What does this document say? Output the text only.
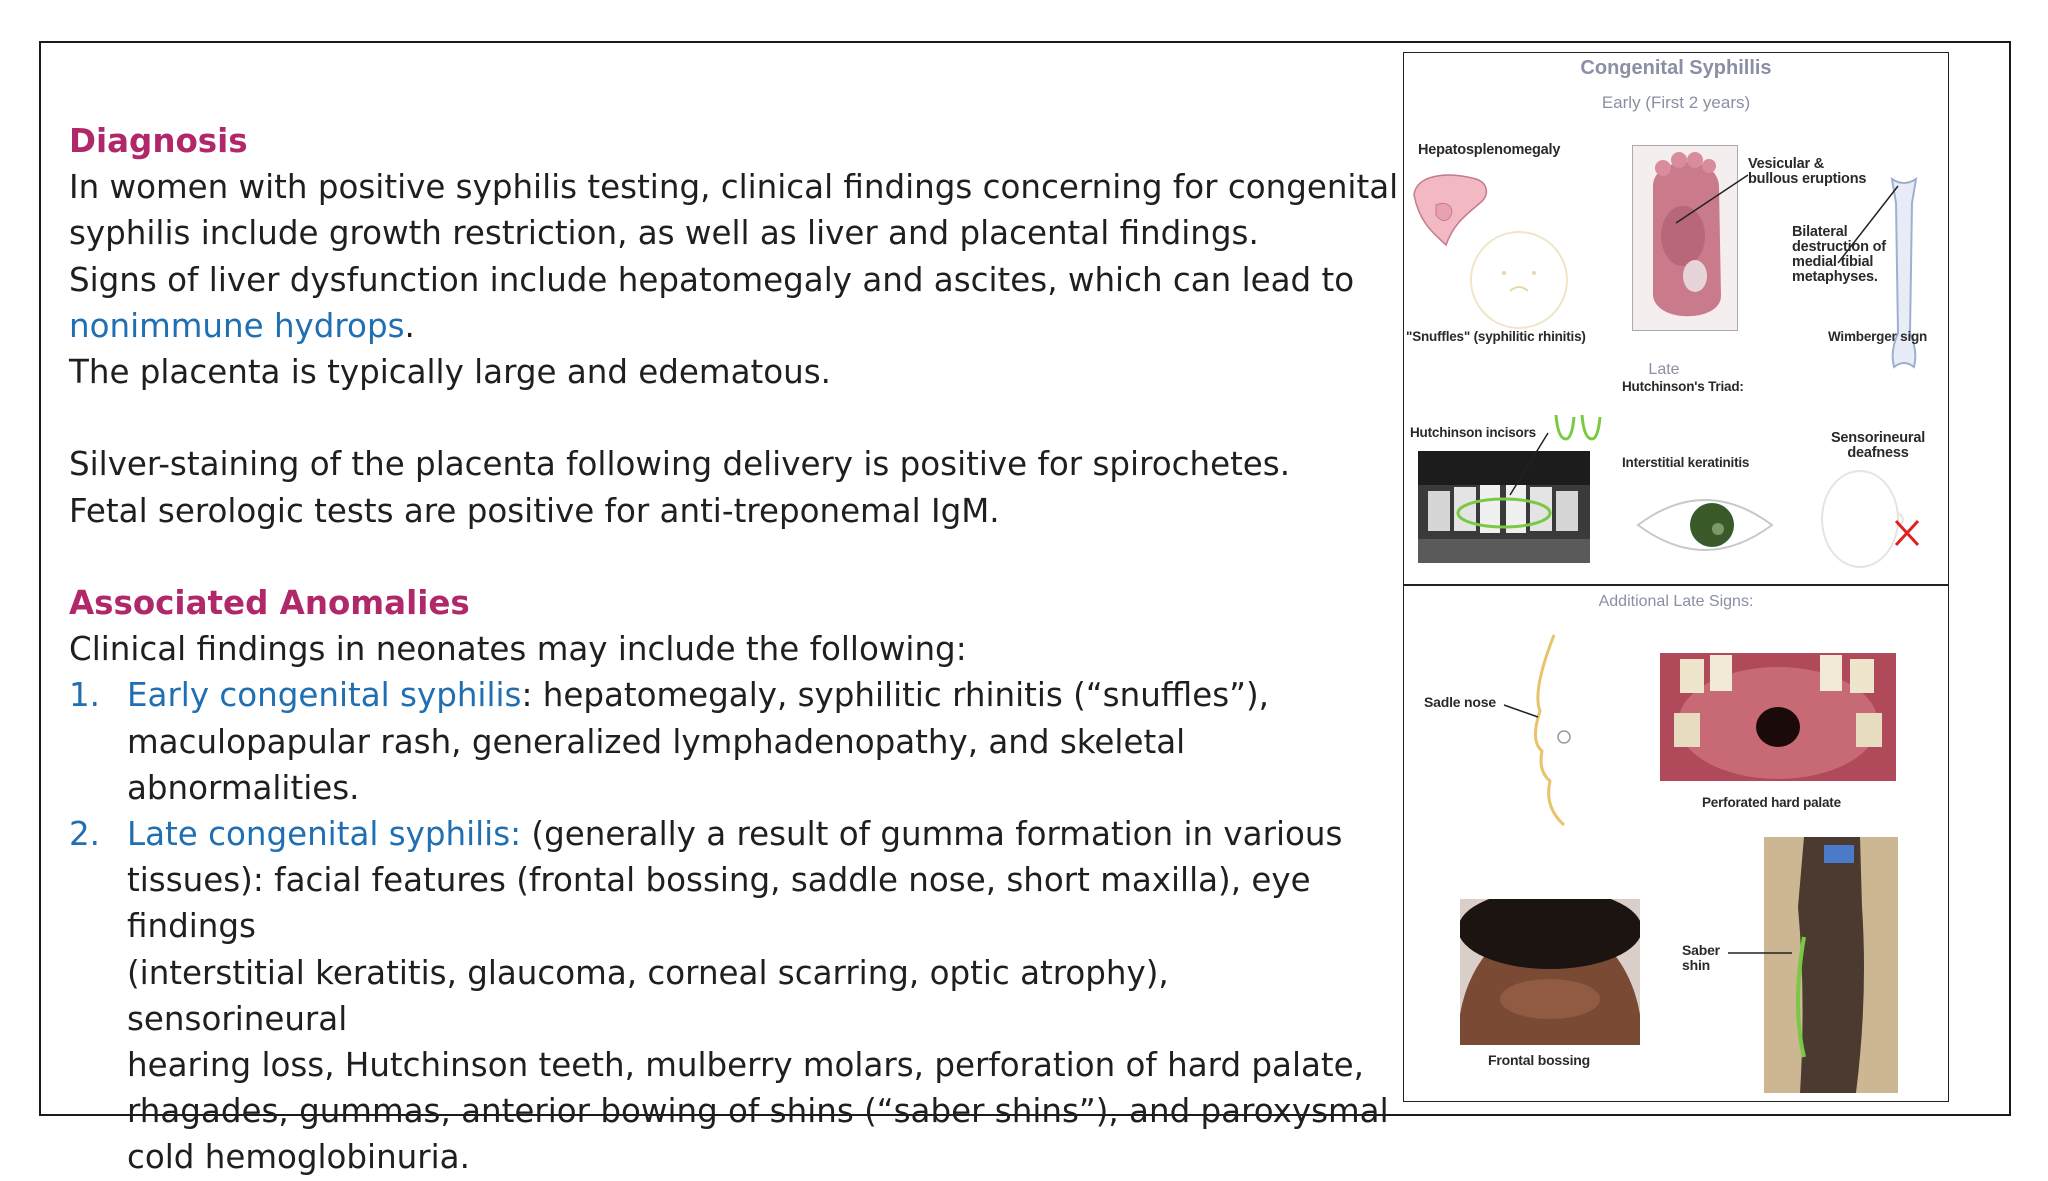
Diagnosis
In women with positive syphilis testing, clinical findings concerning for congenital
syphilis include growth restriction, as well as liver and placental findings.
Signs of liver dysfunction include hepatomegaly and ascites, which can lead to
nonimmune hydrops.
The placenta is typically large and edematous.
Silver-staining of the placenta following delivery is positive for spirochetes.
Fetal serologic tests are positive for anti-treponemal IgM.
Associated Anomalies
Clinical findings in neonates may include the following:
1. Early congenital syphilis: hepatomegaly, syphilitic rhinitis (“snuffles”),
maculopapular rash, generalized lymphadenopathy, and skeletal abnormalities.
2. Late congenital syphilis: (generally a result of gumma formation in various
tissues): facial features (frontal bossing, saddle nose, short maxilla), eye findings
(interstitial keratitis, glaucoma, corneal scarring, optic atrophy), sensorineural
hearing loss, Hutchinson teeth, mulberry molars, perforation of hard palate,
rhagades, gummas, anterior bowing of shins (“saber shins”), and paroxysmal
cold hemoglobinuria.
Congenital Syphillis
Early (First 2 years)
Hepatosplenomegaly
"Snuffles" (syphilitic rhinitis)
Vesicular &
bullous eruptions
Bilateral
destruction of
medial tibial
metaphyses.
Wimberger sign
Late
Hutchinson's Triad:
Hutchinson incisors
Interstitial keratinitis
Sensorineural
deafness
Additional Late Signs:
Sadle nose
Perforated hard palate
Frontal bossing
Saber
shin
